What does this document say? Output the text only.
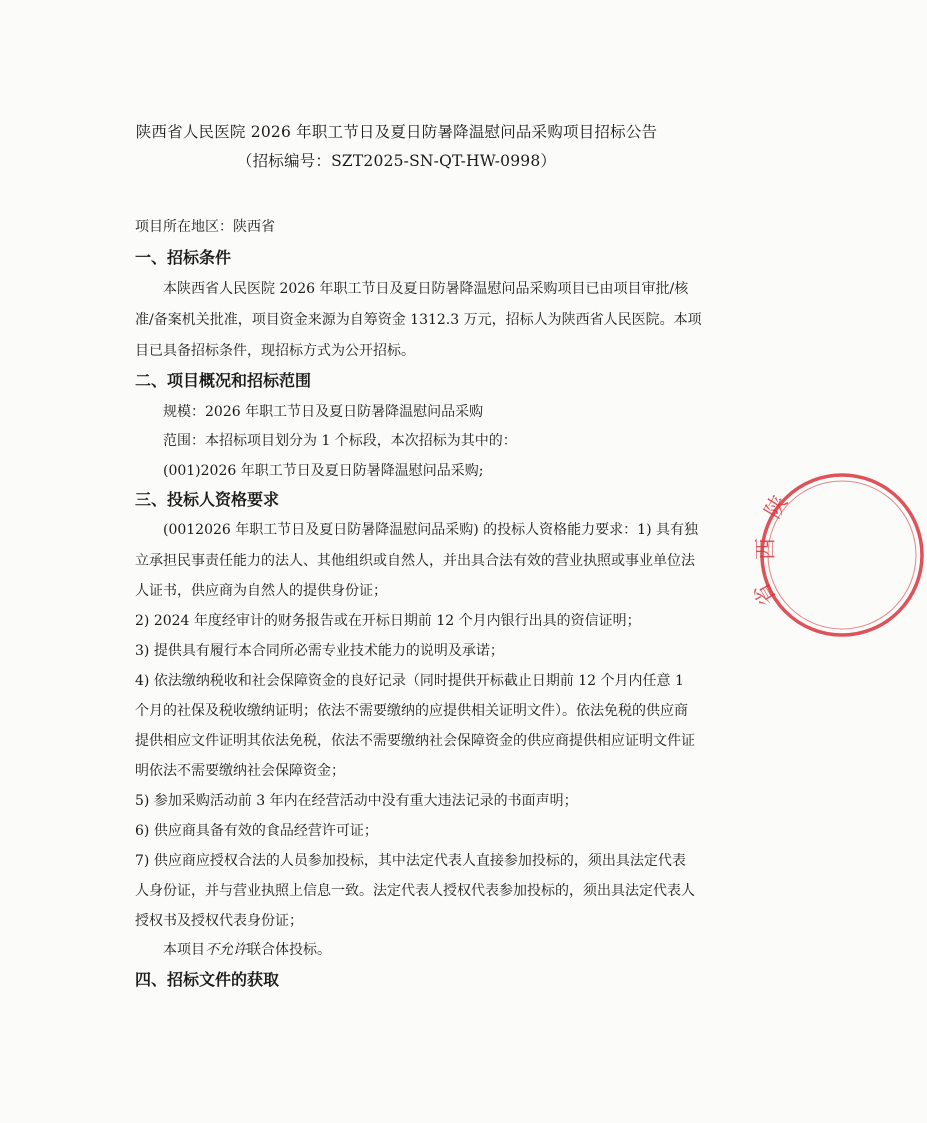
陕西省人民医院 2026 年职工节日及夏日防暑降温慰问品采购项目招标公告
（招标编号：SZT2025-SN-QT-HW-0998）
项目所在地区：陕西省
一、招标条件
本陕西省人民医院 2026 年职工节日及夏日防暑降温慰问品采购项目已由项目审批/核
准/备案机关批准，项目资金来源为自筹资金 1312.3 万元，招标人为陕西省人民医院。本项
目已具备招标条件，现招标方式为公开招标。
二、项目概况和招标范围
规模：2026 年职工节日及夏日防暑降温慰问品采购
范围：本招标项目划分为 1 个标段，本次招标为其中的：
(001)2026 年职工节日及夏日防暑降温慰问品采购;
三、投标人资格要求
(0012026 年职工节日及夏日防暑降温慰问品采购) 的投标人资格能力要求：1) 具有独
立承担民事责任能力的法人、其他组织或自然人，并出具合法有效的营业执照或事业单位法
人证书，供应商为自然人的提供身份证；
2) 2024 年度经审计的财务报告或在开标日期前 12 个月内银行出具的资信证明；
3) 提供具有履行本合同所必需专业技术能力的说明及承诺；
4) 依法缴纳税收和社会保障资金的良好记录（同时提供开标截止日期前 12 个月内任意 1
个月的社保及税收缴纳证明；依法不需要缴纳的应提供相关证明文件）。依法免税的供应商
提供相应文件证明其依法免税，依法不需要缴纳社会保障资金的供应商提供相应证明文件证
明依法不需要缴纳社会保障资金；
5) 参加采购活动前 3 年内在经营活动中没有重大违法记录的书面声明；
6) 供应商具备有效的食品经营许可证；
7) 供应商应授权合法的人员参加投标，其中法定代表人直接参加投标的，须出具法定代表
人身份证，并与营业执照上信息一致。法定代表人授权代表参加投标的，须出具法定代表人
授权书及授权代表身份证；
本项目不允许联合体投标。
四、招标文件的获取
陕
西
省
